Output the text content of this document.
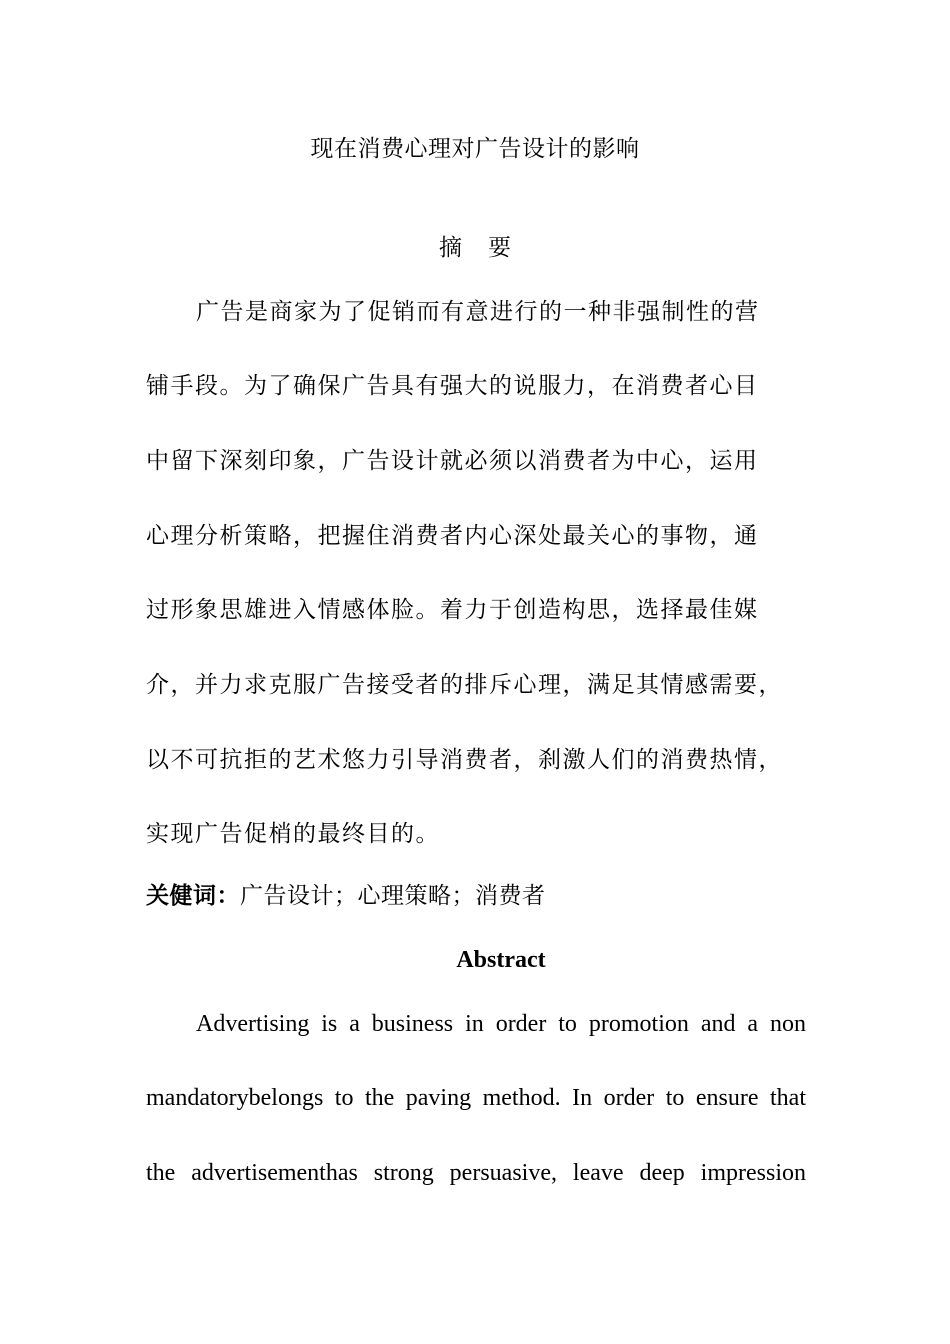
现在消费心理对广告设计的影响
摘 要
广告是商家为了促销而有意进行的一种非强制性的营
铺手段。为了确保广告具有强大的说服力，在消费者心目
中留下深刻印象，广告设计就必须以消费者为中心，运用
心理分析策略，把握住消费者内心深处最关心的事物，通
过形象思雄进入情感体脸。着力于创造构思，选择最佳媒
介，并力求克服广告接受者的排斥心理，满足其情感需要，
以不可抗拒的艺术悠力引导消费者，刹激人们的消费热情，
实现广告促梢的最终目的。
关健词：广告设计；心理策略；消费者
Abstract
Advertising is a business in order to promotion and a non
mandatorybelongs to the paving method. In order to ensure that
the advertisementhas strong persuasive, leave deep impression
